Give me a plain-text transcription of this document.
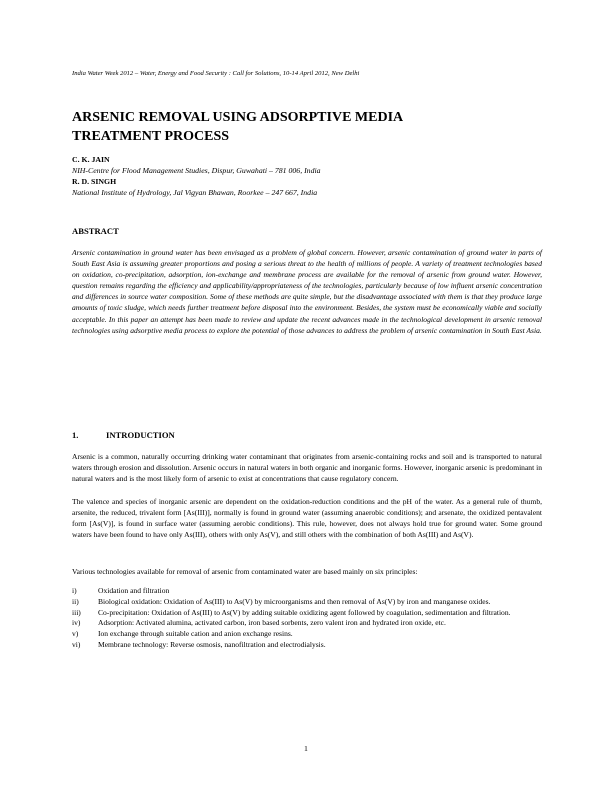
India Water Week 2012 – Water, Energy and Food Security : Call for Solutions, 10-14 April 2012, New Delhi
ARSENIC REMOVAL USING ADSORPTIVE MEDIA
TREATMENT PROCESS
C. K. JAIN
NIH-Centre for Flood Management Studies, Dispur, Guwahati – 781 006, India
R. D. SINGH
National Institute of Hydrology, Jal Vigyan Bhawan, Roorkee – 247 667, India
ABSTRACT

Arsenic contamination in ground water has been envisaged as a problem of global concern. However, arsenic contamination of ground water in parts of South East Asia is assuming greater proportions and posing a serious threat to the health of millions of people. A variety of treatment technologies based on oxidation, co-precipitation, adsorption, ion-exchange and membrane process are available for the removal of arsenic from ground water. However, question remains regarding the efficiency and applicability/appropriateness of the technologies, particularly because of low influent arsenic concentration and differences in source water composition. Some of these methods are quite simple, but the disadvantage associated with them is that they produce large amounts of toxic sludge, which needs further treatment before disposal into the environment. Besides, the system must be economically viable and socially acceptable. In this paper an attempt has been made to review and update the recent advances made in the technological development in arsenic removal technologies using adsorptive media process to explore the potential of those advances to address the problem of arsenic contamination in South East Asia.

1.	INTRODUCTION

Arsenic is a common, naturally occurring drinking water contaminant that originates from arsenic-containing rocks and soil and is transported to natural waters through erosion and dissolution. Arsenic occurs in natural waters in both organic and inorganic forms. However, inorganic arsenic is predominant in natural waters and is the most likely form of arsenic to exist at concentrations that cause regulatory concern.

The valence and species of inorganic arsenic are dependent on the oxidation-reduction conditions and the pH of the water. As a general rule of thumb, arsenite, the reduced, trivalent form [As(III)], normally is found in ground water (assuming anaerobic conditions); and arsenate, the oxidized pentavalent form [As(V)], is found in surface water (assuming aerobic conditions). This rule, however, does not always hold true for ground water. Some ground waters have been found to have only As(III), others with only As(V), and still others with the combination of both As(III) and As(V).

Various technologies available for removal of arsenic from contaminated water are based mainly on six principles:

i)	Oxidation and filtration
ii)	Biological oxidation: Oxidation of As(III) to As(V) by microorganisms and then removal of As(V) by iron and manganese oxides.
iii)	Co-precipitation: Oxidation of As(III) to As(V) by adding suitable oxidizing agent followed by coagulation, sedimentation and filtration.
iv)	Adsorption: Activated alumina, activated carbon, iron based sorbents, zero valent iron and hydrated iron oxide, etc.
v)	Ion exchange through suitable cation and anion exchange resins.
vi)	Membrane technology: Reverse osmosis, nanofiltration and electrodialysis.
1
